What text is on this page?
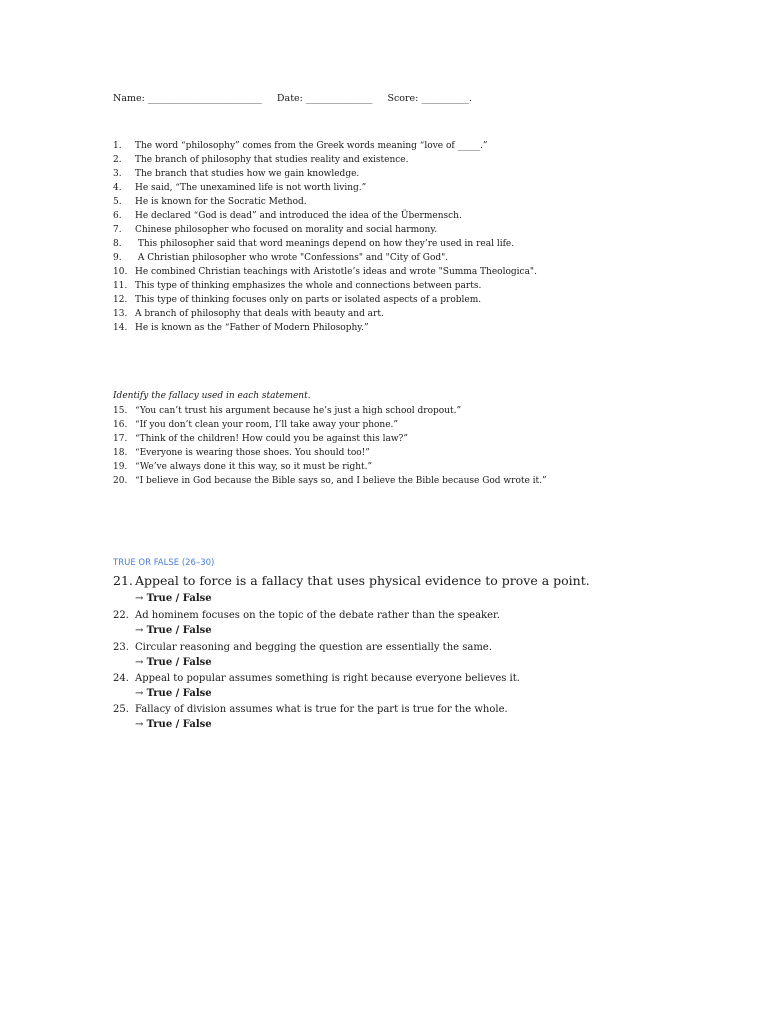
Name: ________________________     Date: ______________     Score: __________.
1.	The word “philosophy” comes from the Greek words meaning “love of _____.”
2.	The branch of philosophy that studies reality and existence.
3.	The branch that studies how we gain knowledge.
4.	He said, “The unexamined life is not worth living.”
5.	He is known for the Socratic Method.
6.	He declared “God is dead” and introduced the idea of the Übermensch.
7.	Chinese philosopher who focused on morality and social harmony.
8.	This philosopher said that word meanings depend on how they’re used in real life.
9.	A Christian philosopher who wrote "Confessions" and "City of God".
10. He combined Christian teachings with Aristotle’s ideas and wrote "Summa Theologica".
11. This type of thinking emphasizes the whole and connections between parts.
12. This type of thinking focuses only on parts or isolated aspects of a problem.
13. A branch of philosophy that deals with beauty and art.
14. He is known as the “Father of Modern Philosophy.”
Identify the fallacy used in each statement.
15. “You can’t trust his argument because he’s just a high school dropout.”
16. “If you don’t clean your room, I’ll take away your phone.”
17. “Think of the children! How could you be against this law?”
18. “Everyone is wearing those shoes. You should too!”
19. “We’ve always done it this way, so it must be right.”
20. “I believe in God because the Bible says so, and I believe the Bible because God wrote it.”
TRUE OR FALSE (26–30)
21. Appeal to force is a fallacy that uses physical evidence to prove a point.
→ True / False
22. Ad hominem focuses on the topic of the debate rather than the speaker.
→ True / False
23. Circular reasoning and begging the question are essentially the same.
→ True / False
24. Appeal to popular assumes something is right because everyone believes it.
→ True / False
25. Fallacy of division assumes what is true for the part is true for the whole.
→ True / False
